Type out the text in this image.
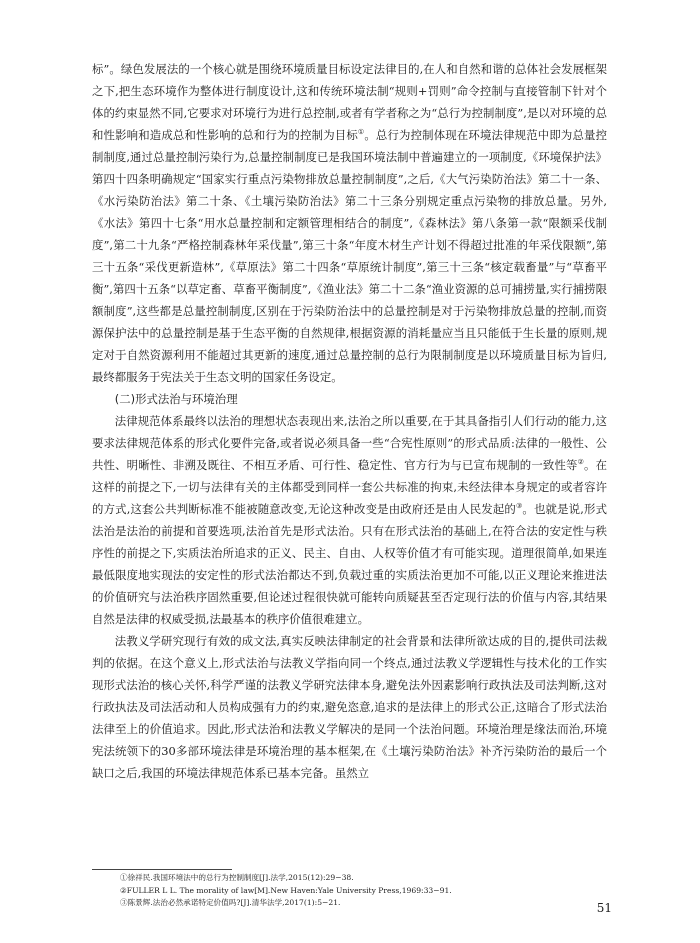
标”。绿色发展法的一个核心就是围绕环境质量目标设定法律目的,在人和自然和谐的总体社会发展框架之下,把生态环境作为整体进行制度设计,这和传统环境法制“规则+罚则”命令控制与直接管制下针对个体的约束显然不同,它要求对环境行为进行总控制,或者有学者称之为“总行为控制制度”,是以对环境的总和性影响和造成总和性影响的总和行为的控制为目标①。总行为控制体现在环境法律规范中即为总量控制制度,通过总量控制污染行为,总量控制制度已是我国环境法制中普遍建立的一项制度,《环境保护法》第四十四条明确规定“国家实行重点污染物排放总量控制制度”,之后,《大气污染防治法》第二十一条、《水污染防治法》第二十条、《土壤污染防治法》第二十三条分别规定重点污染物的排放总量。另外,《水法》第四十七条“用水总量控制和定额管理相结合的制度”,《森林法》第八条第一款“限额采伐制度”,第二十九条“严格控制森林年采伐量”,第三十条“年度木材生产计划不得超过批准的年采伐限额”,第三十五条“采伐更新造林”,《草原法》第二十四条“草原统计制度”,第三十三条“核定载畜量”与“草畜平衡”,第四十五条“以草定畜、草畜平衡制度”,《渔业法》第二十二条“渔业资源的总可捕捞量,实行捕捞限额制度”,这些都是总量控制制度,区别在于污染防治法中的总量控制是对于污染物排放总量的控制,而资源保护法中的总量控制是基于生态平衡的自然规律,根据资源的消耗量应当且只能低于生长量的原则,规定对于自然资源利用不能超过其更新的速度,通过总量控制的总行为限制制度是以环境质量目标为旨归,最终都服务于宪法关于生态文明的国家任务设定。

(二)形式法治与环境治理

法律规范体系最终以法治的理想状态表现出来,法治之所以重要,在于其具备指引人们行动的能力,这要求法律规范体系的形式化要件完备,或者说必须具备一些“合宪性原则”的形式品质:法律的一般性、公共性、明晰性、非溯及既往、不相互矛盾、可行性、稳定性、官方行为与已宣布规制的一致性等②。在这样的前提之下,一切与法律有关的主体都受到同样一套公共标准的拘束,未经法律本身规定的或者容许的方式,这套公共判断标准不能被随意改变,无论这种改变是由政府还是由人民发起的③。也就是说,形式法治是法治的前提和首要选项,法治首先是形式法治。只有在形式法治的基础上,在符合法的安定性与秩序性的前提之下,实质法治所追求的正义、民主、自由、人权等价值才有可能实现。道理很简单,如果连最低限度地实现法的安定性的形式法治都达不到,负载过重的实质法治更加不可能,以正义理论来推进法的价值研究与法治秩序固然重要,但论述过程很快就可能转向质疑甚至否定现行法的价值与内容,其结果自然是法律的权威受损,法最基本的秩序价值很难建立。

法教义学研究现行有效的成文法,真实反映法律制定的社会背景和法律所欲达成的目的,提供司法裁判的依据。在这个意义上,形式法治与法教义学指向同一个终点,通过法教义学逻辑性与技术化的工作实现形式法治的核心关怀,科学严谨的法教义学研究法律本身,避免法外因素影响行政执法及司法判断,这对行政执法及司法活动和人员构成强有力的约束,避免恣意,追求的是法律上的形式公正,这暗合了形式法治法律至上的价值追求。因此,形式法治和法教义学解决的是同一个法治问题。环境治理是缘法而治,环境宪法统领下的30多部环境法律是环境治理的基本框架,在《土壤污染防治法》补齐污染防治的最后一个缺口之后,我国的环境法律规范体系已基本完备。虽然立

①徐祥民.我国环境法中的总行为控制制度[J].法学,2015(12):29−38.
②FULLER L L. The morality of law[M].New Haven:Yale University Press,1969:33−91.
③陈景辉.法治必然承诺特定价值吗?[J].清华法学,2017(1):5−21.	51
